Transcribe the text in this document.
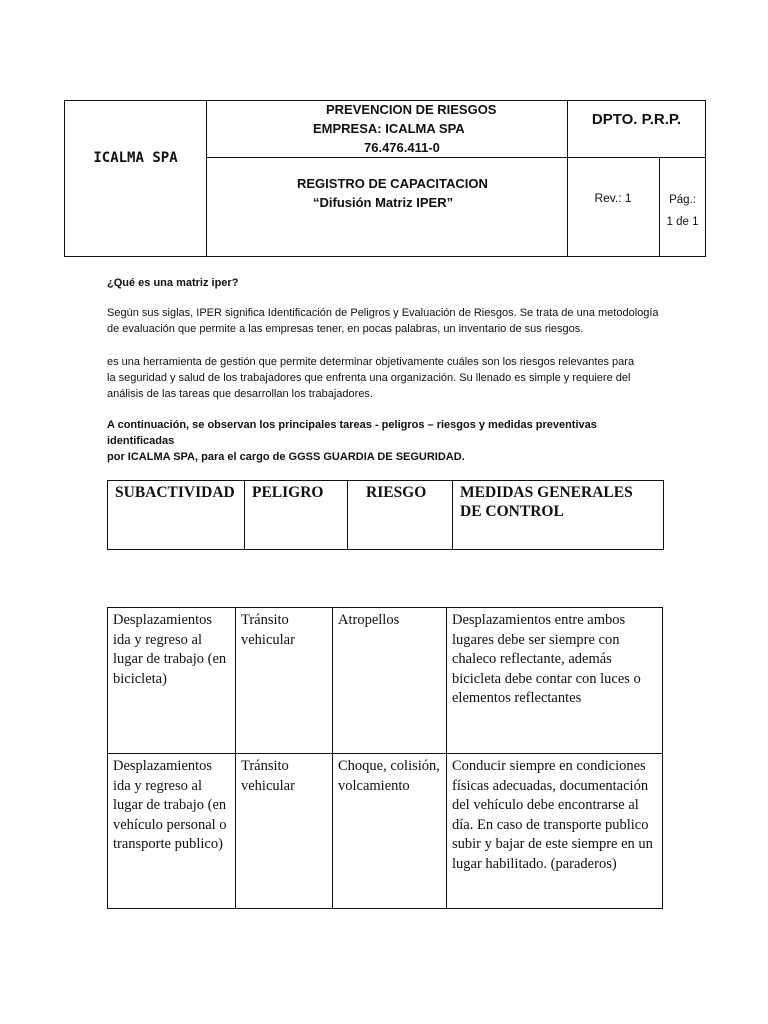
ICALMA SPA
PREVENCION DE RIESGOS
EMPRESA: ICALMA SPA
76.476.411-0
DPTO. P.R.P.
REGISTRO DE CAPACITACION
“Difusión Matriz IPER”	Rev.: 1	Pág.:
1 de 1
¿Qué es una matriz iper?
Según sus siglas, IPER significa Identificación de Peligros y Evaluación de Riesgos. Se trata de una metodología
de evaluación que permite a las empresas tener, en pocas palabras, un inventario de sus riesgos.
es una herramienta de gestión que permite determinar objetivamente cuáles son los riesgos relevantes para
la seguridad y salud de los trabajadores que enfrenta una organización. Su llenado es simple y requiere del
análisis de las tareas que desarrollan los trabajadores.
A continuación, se observan los principales tareas - peligros – riesgos y medidas preventivas identificadas
por ICALMA SPA, para el cargo de GGSS GUARDIA DE SEGURIDAD.
SUBACTIVIDAD	PELIGRO	RIESGO	MEDIDAS GENERALES DE CONTROL
Desplazamientos ida y regreso al lugar de trabajo (en bicicleta)	Tránsito vehicular	Atropellos	Desplazamientos entre ambos lugares debe ser siempre con chaleco reflectante, además bicicleta debe contar con luces o elementos reflectantes
Desplazamientos ida y regreso al lugar de trabajo (en vehículo personal o transporte publico)	Tránsito vehicular	Choque, colisión, volcamiento	Conducir siempre en condiciones físicas adecuadas, documentación del vehículo debe encontrarse al día. En caso de transporte publico subir y bajar de este siempre en un lugar habilitado. (paraderos)
